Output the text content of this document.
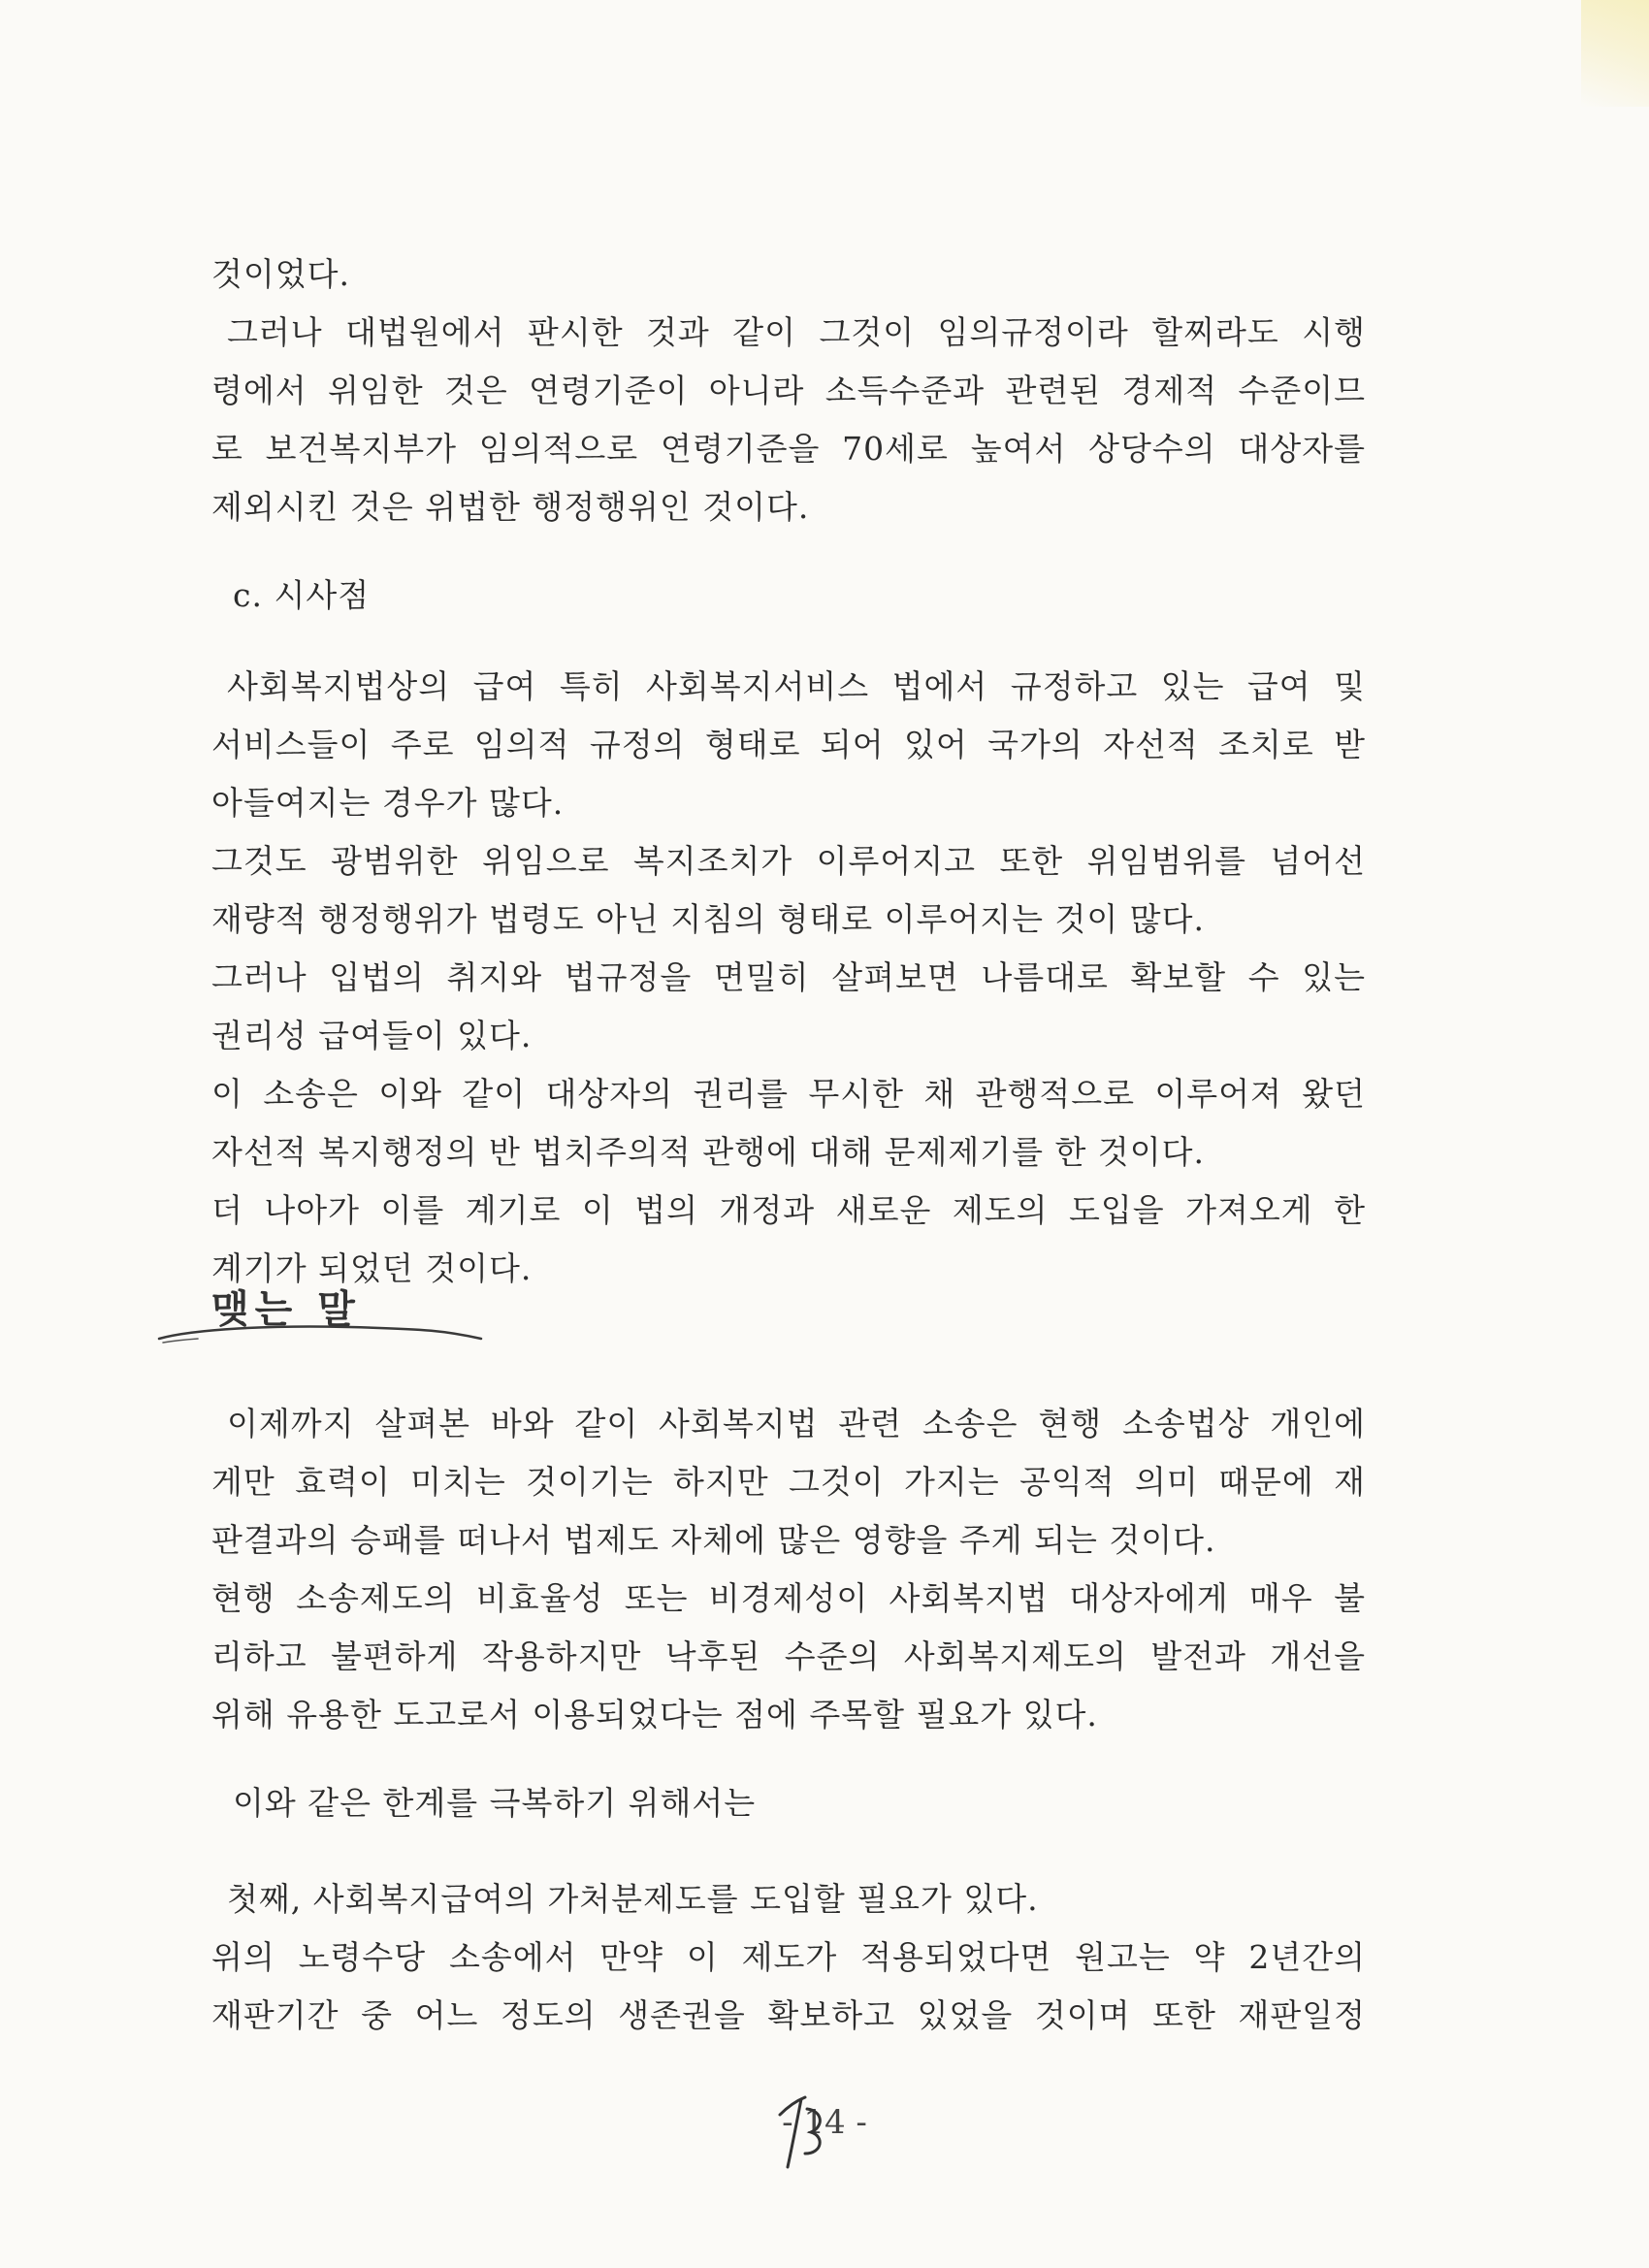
것이었다.
그러나 대법원에서 판시한 것과 같이 그것이 임의규정이라 할찌라도 시행
령에서 위임한 것은 연령기준이 아니라 소득수준과 관련된 경제적 수준이므
로 보건복지부가 임의적으로 연령기준을 70세로 높여서 상당수의 대상자를
제외시킨 것은 위법한 행정행위인 것이다.
c. 시사점
사회복지법상의 급여 특히 사회복지서비스 법에서 규정하고 있는 급여 및
서비스들이 주로 임의적 규정의 형태로 되어 있어 국가의 자선적 조치로 받
아들여지는 경우가 많다.
그것도 광범위한 위임으로 복지조치가 이루어지고 또한 위임범위를 넘어선
재량적 행정행위가 법령도 아닌 지침의 형태로 이루어지는 것이 많다.
그러나 입법의 취지와 법규정을 면밀히 살펴보면 나름대로 확보할 수 있는
권리성 급여들이 있다.
이 소송은 이와 같이 대상자의 권리를 무시한 채 관행적으로 이루어져 왔던
자선적 복지행정의 반 법치주의적 관행에 대해 문제제기를 한 것이다.
더 나아가 이를 계기로 이 법의 개정과 새로운 제도의 도입을 가져오게 한
계기가 되었던 것이다.
맺는 말
이제까지 살펴본 바와 같이 사회복지법 관련 소송은 현행 소송법상 개인에
게만 효력이 미치는 것이기는 하지만 그것이 가지는 공익적 의미 때문에 재
판결과의 승패를 떠나서 법제도 자체에 많은 영향을 주게 되는 것이다.
현행 소송제도의 비효율성 또는 비경제성이 사회복지법 대상자에게 매우 불
리하고 불편하게 작용하지만 낙후된 수준의 사회복지제도의 발전과 개선을
위해 유용한 도고로서 이용되었다는 점에 주목할 필요가 있다.
이와 같은 한계를 극복하기 위해서는
첫째, 사회복지급여의 가처분제도를 도입할 필요가 있다.
위의 노령수당 소송에서 만약 이 제도가 적용되었다면 원고는 약 2년간의
재판기간 중 어느 정도의 생존권을 확보하고 있었을 것이며 또한 재판일정
- 14 -
